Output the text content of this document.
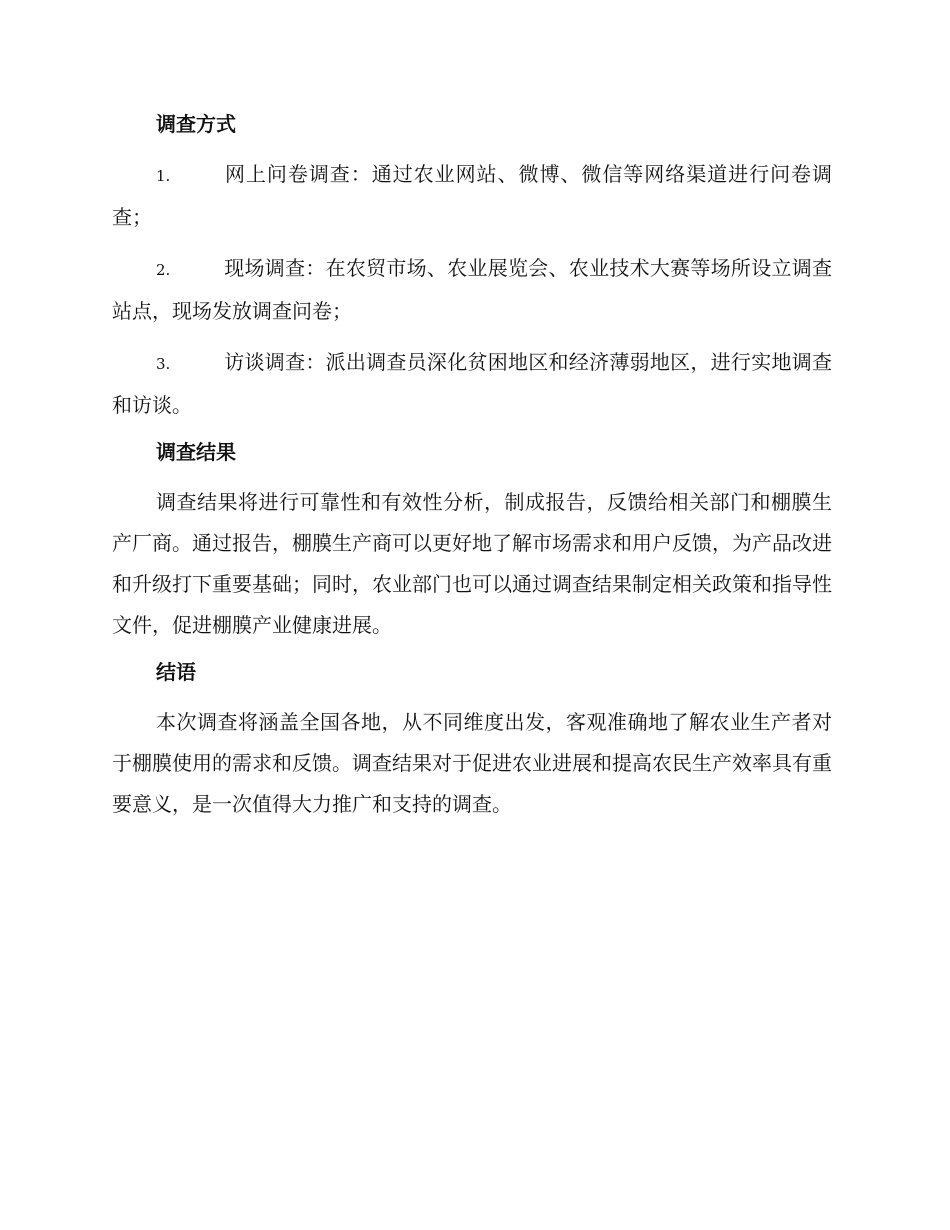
调查方式

1.	网上问卷调查：通过农业网站、微博、微信等网络渠道进行问卷调查；

2.	现场调查：在农贸市场、农业展览会、农业技术大赛等场所设立调查站点，现场发放调查问卷；

3.	访谈调查：派出调查员深化贫困地区和经济薄弱地区，进行实地调查和访谈。

调查结果

调查结果将进行可靠性和有效性分析，制成报告，反馈给相关部门和棚膜生产厂商。通过报告，棚膜生产商可以更好地了解市场需求和用户反馈，为产品改进和升级打下重要基础；同时，农业部门也可以通过调查结果制定相关政策和指导性文件，促进棚膜产业健康进展。

结语

本次调查将涵盖全国各地，从不同维度出发，客观准确地了解农业生产者对于棚膜使用的需求和反馈。调查结果对于促进农业进展和提高农民生产效率具有重要意义，是一次值得大力推广和支持的调查。
